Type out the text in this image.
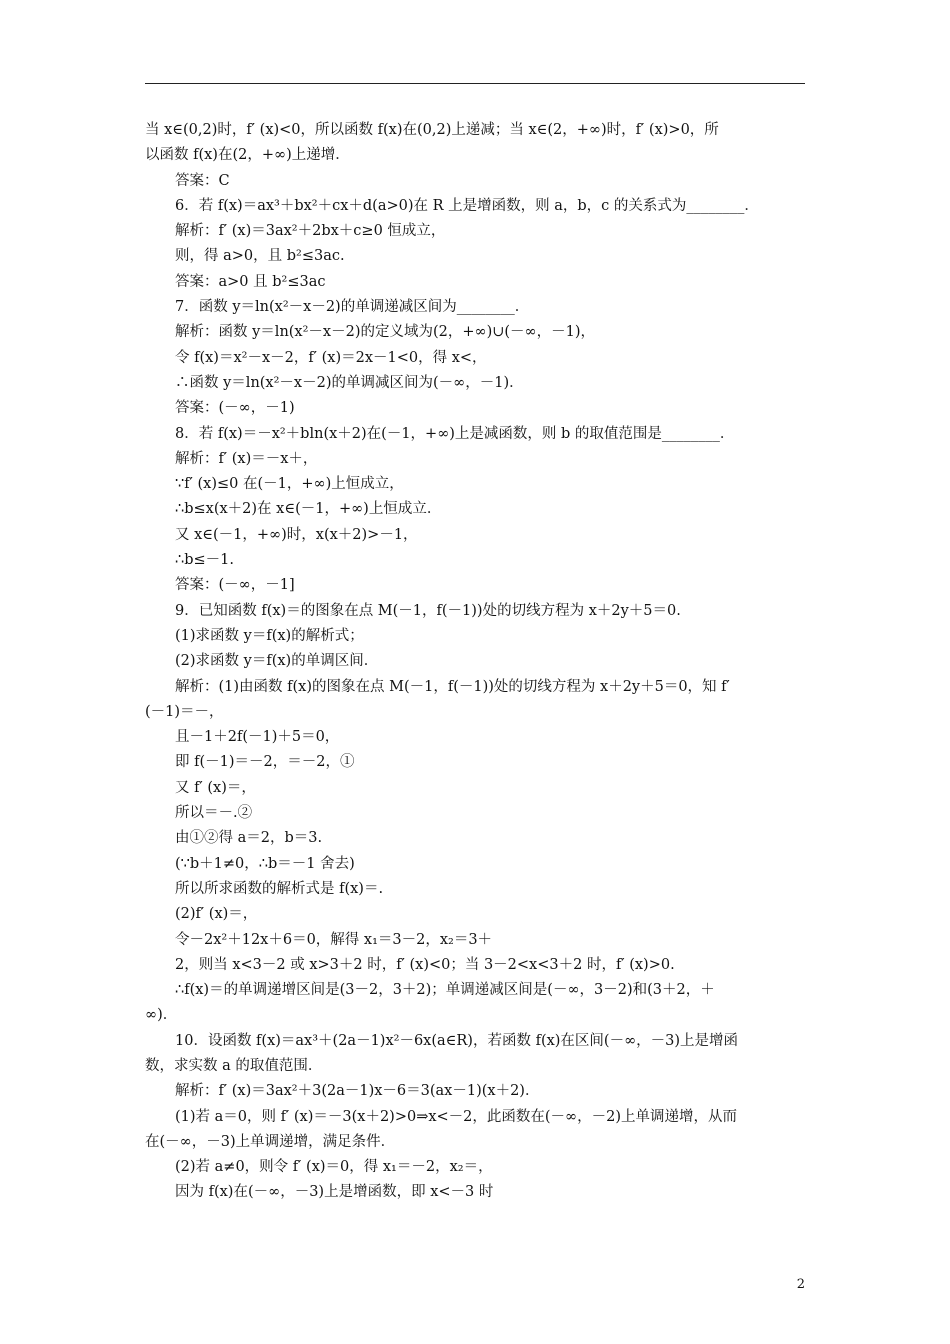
当 x∈(0,2)时，f′ (x)<0，所以函数 f(x)在(0,2)上递减；当 x∈(2，+∞)时，f′ (x)>0，所
以函数 f(x)在(2，+∞)上递增．
答案：C
6．若 f(x)＝ax³＋bx²＋cx＋d(a>0)在 R 上是增函数，则 a，b，c 的关系式为________．
解析：f′ (x)＝3ax²＋2bx＋c≥0 恒成立，
则，得 a>0，且 b²≤3ac.
答案：a>0 且 b²≤3ac
7．函数 y＝ln(x²－x－2)的单调递减区间为________．
解析：函数 y＝ln(x²－x－2)的定义域为(2，+∞)∪(－∞，－1)，
令 f(x)＝x²－x－2，f′ (x)＝2x－1<0，得 x<，
∴函数 y＝ln(x²－x－2)的单调减区间为(－∞，－1)．
答案：(－∞，－1)
8．若 f(x)＝－x²＋bln(x＋2)在(－1，+∞)上是减函数，则 b 的取值范围是________．
解析：f′ (x)＝－x＋，
∵f′ (x)≤0 在(－1，+∞)上恒成立，
∴b≤x(x＋2)在 x∈(－1，+∞)上恒成立．
又 x∈(－1，+∞)时，x(x＋2)>－1，
∴b≤－1.
答案：(－∞，－1]
9．已知函数 f(x)＝的图象在点 M(－1，f(－1))处的切线方程为 x＋2y＋5＝0.
(1)求函数 y＝f(x)的解析式；
(2)求函数 y＝f(x)的单调区间．
解析：(1)由函数 f(x)的图象在点 M(－1，f(－1))处的切线方程为 x＋2y＋5＝0，知 f′
(－1)＝－，
且－1＋2f(－1)＋5＝0，
即 f(－1)＝－2，＝－2，①
又 f′ (x)＝，
所以＝－.②
由①②得 a＝2，b＝3.
(∵b＋1≠0，∴b＝－1 舍去)
所以所求函数的解析式是 f(x)＝.
(2)f′ (x)＝，
令－2x²＋12x＋6＝0，解得 x₁＝3－2，x₂＝3＋
2，则当 x<3－2 或 x>3＋2 时，f′ (x)<0；当 3－2<x<3＋2 时，f′ (x)>0.
∴f(x)＝的单调递增区间是(3－2，3＋2)；单调递减区间是(－∞，3－2)和(3＋2，＋
∞)．
10．设函数 f(x)＝ax³＋(2a－1)x²－6x(a∈R)，若函数 f(x)在区间(－∞，－3)上是增函
数，求实数 a 的取值范围．
解析：f′ (x)＝3ax²＋3(2a－1)x－6＝3(ax－1)(x＋2)．
(1)若 a＝0，则 f′ (x)＝－3(x＋2)>0⇒x<－2，此函数在(－∞，－2)上单调递增，从而
在(－∞，－3)上单调递增，满足条件．
(2)若 a≠0，则令 f′ (x)＝0，得 x₁＝－2，x₂＝，
因为 f(x)在(－∞，－3)上是增函数，即 x<－3 时
2
